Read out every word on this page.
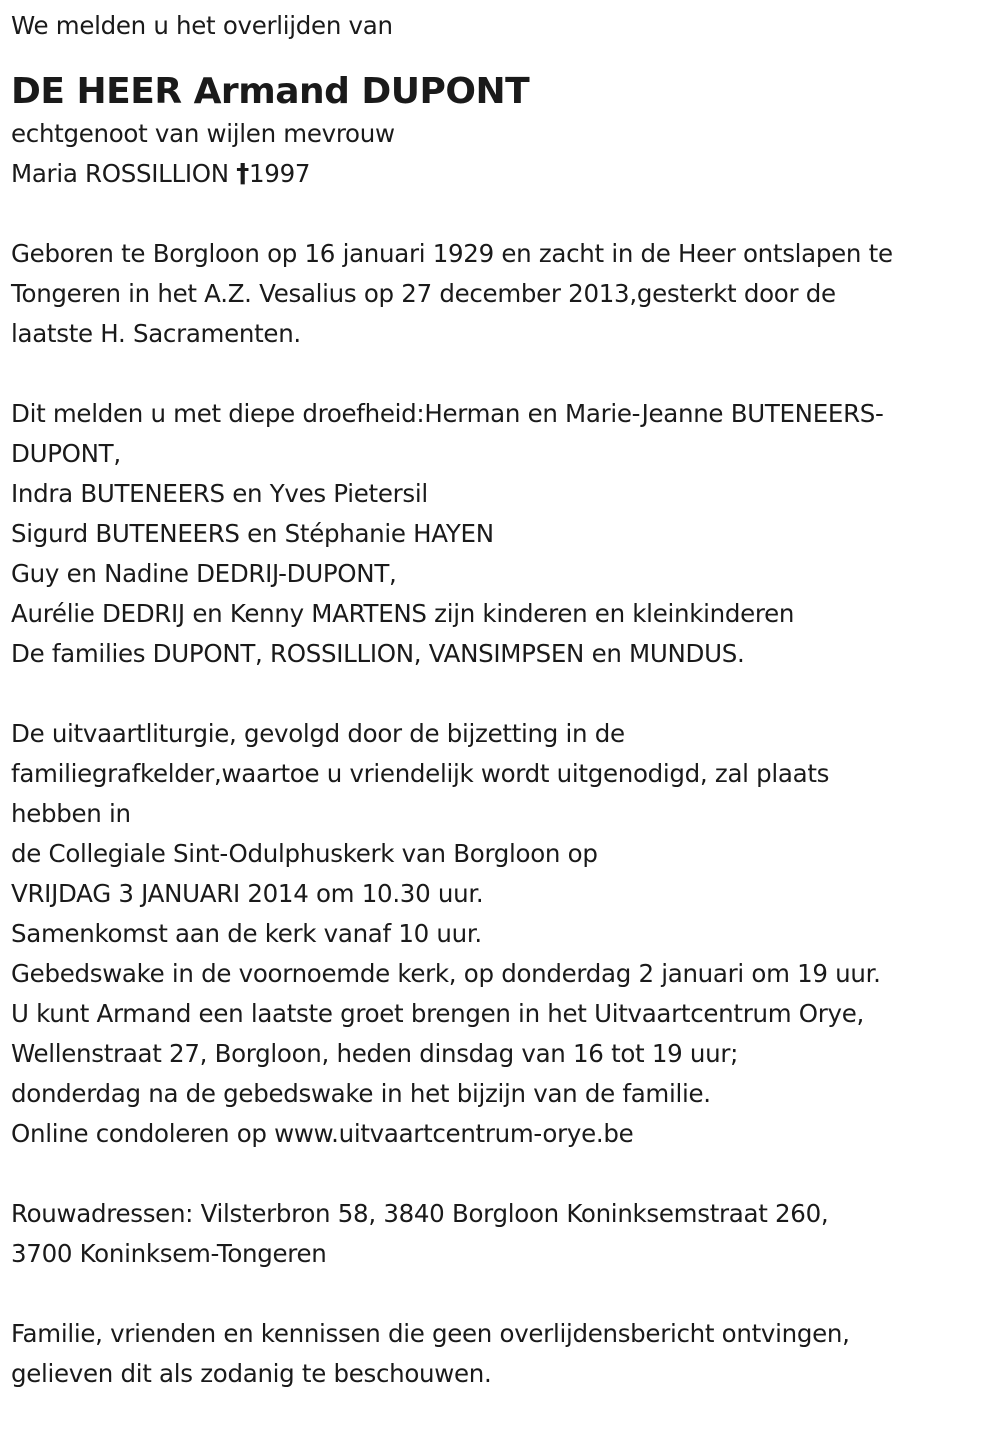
We melden u het overlijden van
DE HEER Armand DUPONT
echtgenoot van wijlen mevrouw
Maria ROSSILLION †1997
Geboren te Borgloon op 16 januari 1929 en zacht in de Heer ontslapen te
Tongeren in het A.Z. Vesalius op 27 december 2013,gesterkt door de
laatste H. Sacramenten.
Dit melden u met diepe droefheid:Herman en Marie-Jeanne BUTENEERS-
DUPONT,
Indra BUTENEERS en Yves Pietersil
Sigurd BUTENEERS en Stéphanie HAYEN
Guy en Nadine DEDRIJ-DUPONT,
Aurélie DEDRIJ en Kenny MARTENS zijn kinderen en kleinkinderen
De families DUPONT, ROSSILLION, VANSIMPSEN en MUNDUS.
De uitvaartliturgie, gevolgd door de bijzetting in de
familiegrafkelder,waartoe u vriendelijk wordt uitgenodigd, zal plaats
hebben in
de Collegiale Sint-Odulphuskerk van Borgloon op
VRIJDAG 3 JANUARI 2014 om 10.30 uur.
Samenkomst aan de kerk vanaf 10 uur.
Gebedswake in de voornoemde kerk, op donderdag 2 januari om 19 uur.
U kunt Armand een laatste groet brengen in het Uitvaartcentrum Orye,
Wellenstraat 27, Borgloon, heden dinsdag van 16 tot 19 uur;
donderdag na de gebedswake in het bijzijn van de familie.
Online condoleren op www.uitvaartcentrum-orye.be
Rouwadressen: Vilsterbron 58, 3840 Borgloon Koninksemstraat 260,
3700 Koninksem-Tongeren
Familie, vrienden en kennissen die geen overlijdensbericht ontvingen,
gelieven dit als zodanig te beschouwen.
